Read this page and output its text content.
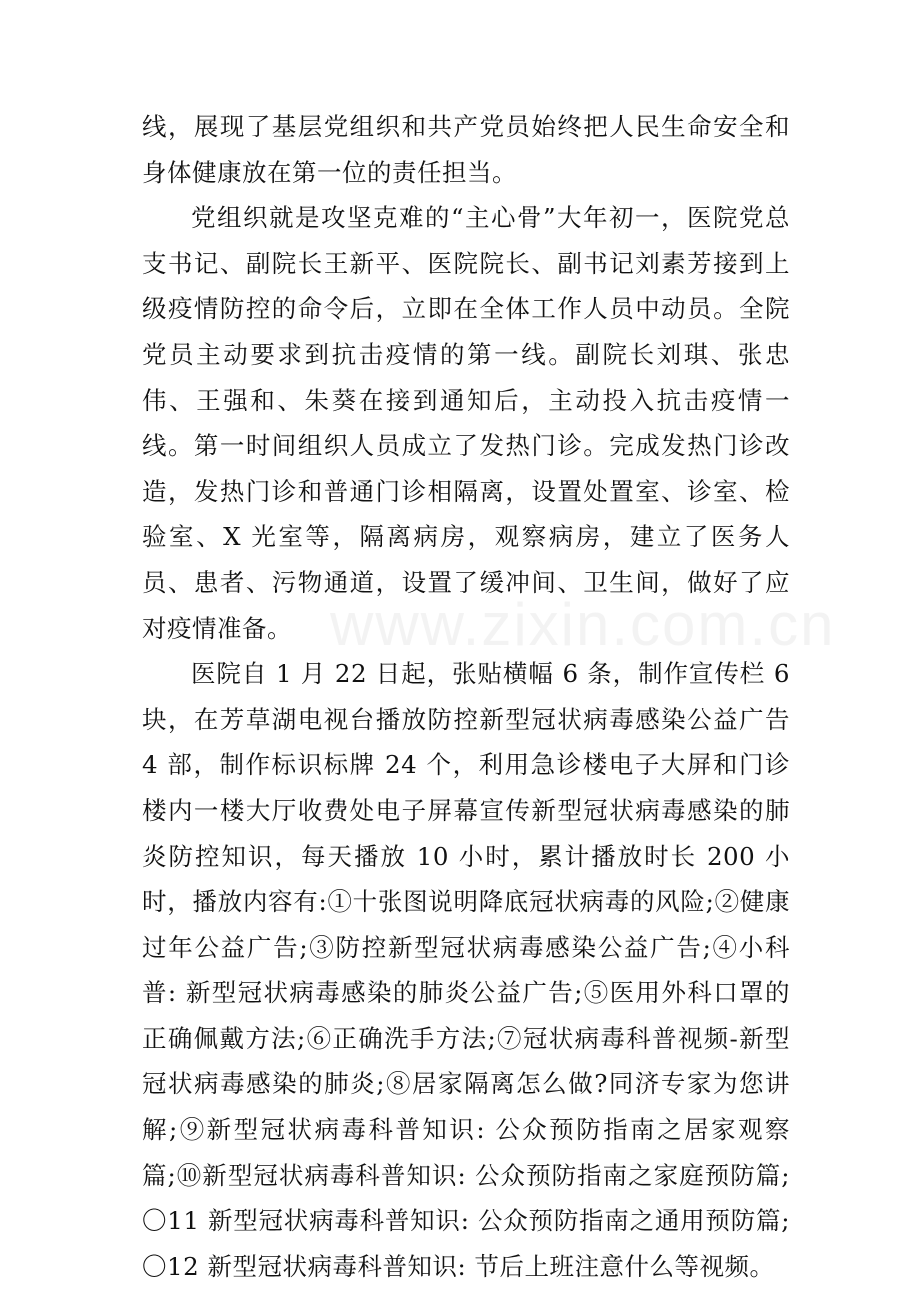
www.zixin.com.cn

线，展现了基层党组织和共产党员始终把人民生命安全和身体健康放在第一位的责任担当。

党组织就是攻坚克难的“主心骨”大年初一，医院党总支书记、副院长王新平、医院院长、副书记刘素芳接到上级疫情防控的命令后，立即在全体工作人员中动员。全院党员主动要求到抗击疫情的第一线。副院长刘琪、张忠伟、王强和、朱葵在接到通知后，主动投入抗击疫情一线。第一时间组织人员成立了发热门诊。完成发热门诊改造，发热门诊和普通门诊相隔离，设置处置室、诊室、检验室、X 光室等，隔离病房，观察病房，建立了医务人员、患者、污物通道，设置了缓冲间、卫生间，做好了应对疫情准备。

医院自 1 月 22 日起，张贴横幅 6 条，制作宣传栏 6 块，在芳草湖电视台播放防控新型冠状病毒感染公益广告 4 部，制作标识标牌 24 个，利用急诊楼电子大屏和门诊楼内一楼大厅收费处电子屏幕宣传新型冠状病毒感染的肺炎防控知识，每天播放 10 小时，累计播放时长 200 小时，播放内容有:①十张图说明降底冠状病毒的风险;②健康过年公益广告;③防控新型冠状病毒感染公益广告;④小科普: 新型冠状病毒感染的肺炎公益广告;⑤医用外科口罩的正确佩戴方法;⑥正确洗手方法;⑦冠状病毒科普视频-新型冠状病毒感染的肺炎;⑧居家隔离怎么做?同济专家为您讲解;⑨新型冠状病毒科普知识: 公众预防指南之居家观察篇;⑩新型冠状病毒科普知识: 公众预防指南之家庭预防篇;〇11 新型冠状病毒科普知识: 公众预防指南之通用预防篇;〇12 新型冠状病毒科普知识: 节后上班注意什么等视频。
